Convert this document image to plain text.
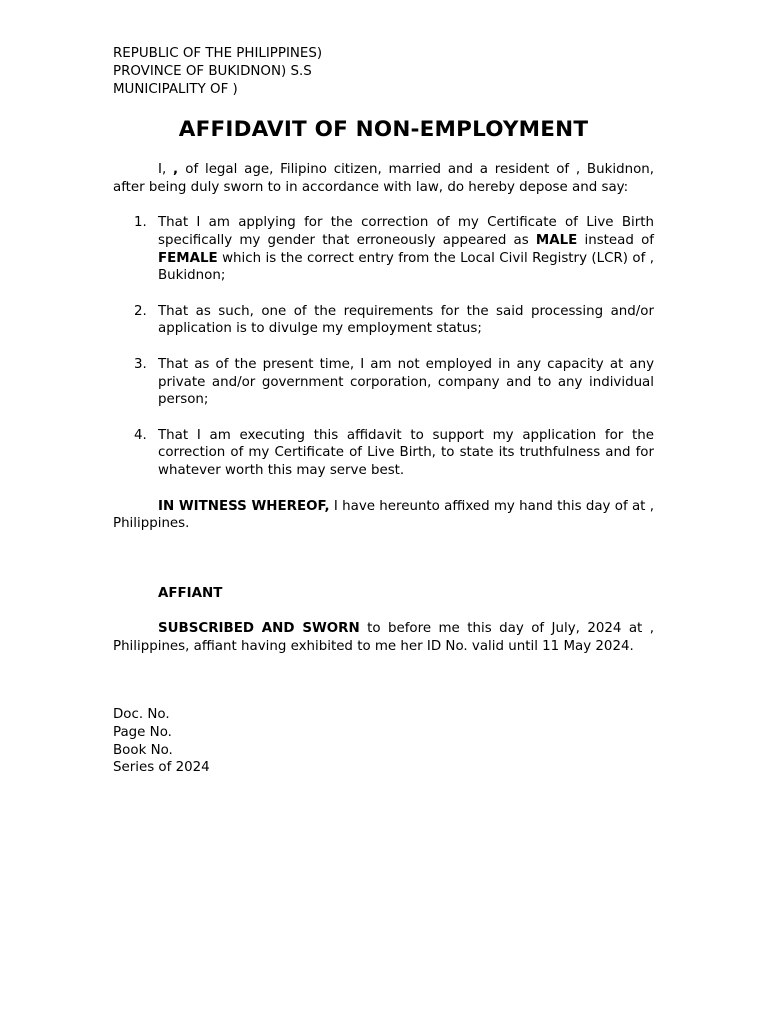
REPUBLIC OF THE PHILIPPINES)
PROVINCE OF BUKIDNON) S.S
MUNICIPALITY OF )
AFFIDAVIT OF NON-EMPLOYMENT

I, , of legal age, Filipino citizen, married and a resident of , Bukidnon, after being duly sworn to in accordance with law, do hereby depose and say:

1. That I am applying for the correction of my Certificate of Live Birth specifically my gender that erroneously appeared as MALE instead of FEMALE which is the correct entry from the Local Civil Registry (LCR) of , Bukidnon;
2. That as such, one of the requirements for the said processing and/or application is to divulge my employment status;
3. That as of the present time, I am not employed in any capacity at any private and/or government corporation, company and to any individual person;
4. That I am executing this affidavit to support my application for the correction of my Certificate of Live Birth, to state its truthfulness and for whatever worth this may serve best.

IN WITNESS WHEREOF, I have hereunto affixed my hand this day of at , Philippines.

AFFIANT

SUBSCRIBED AND SWORN to before me this day of July, 2024 at , Philippines, affiant having exhibited to me her ID No. valid until 11 May 2024.

Doc. No.
Page No.
Book No.
Series of 2024
